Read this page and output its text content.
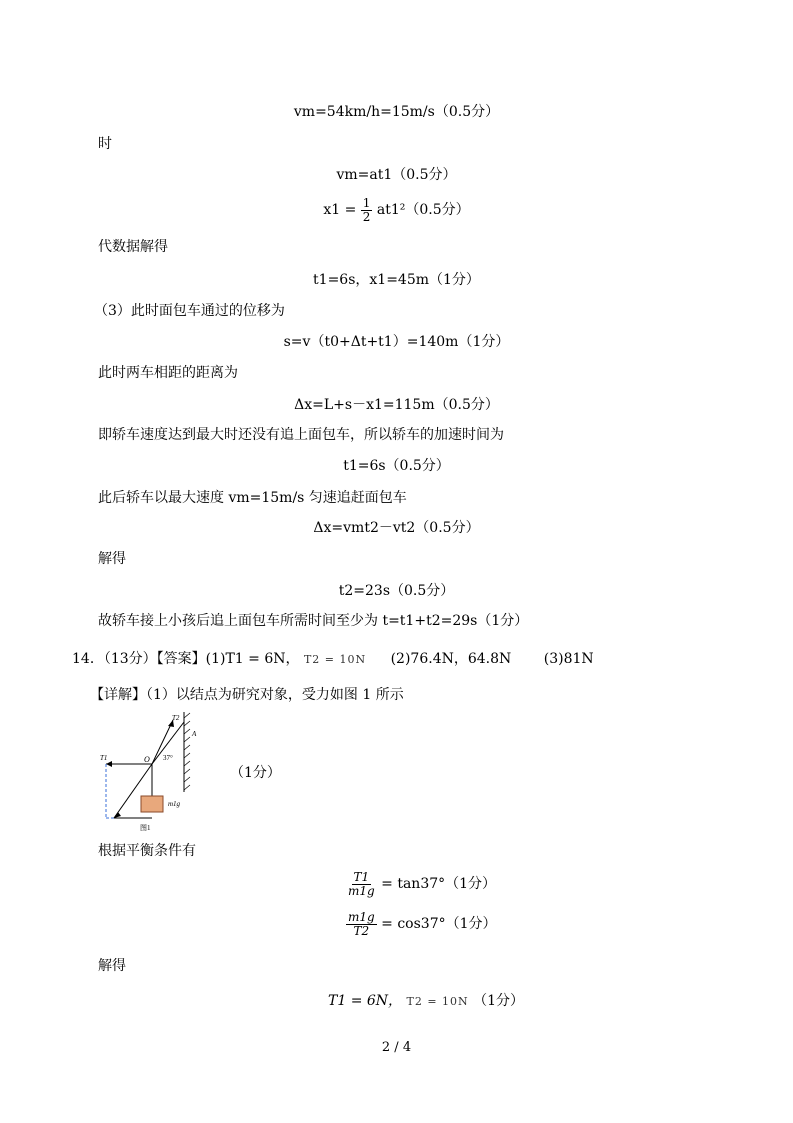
vm=54km/h=15m/s（0.5分）
时
vm=at1（0.5分）
$x1 = \frac{1}{2} at1^2(0.5$分）
代数据解得
t1=6s，x1=45m（1分）
（3）此时面包车通过的位移为
s=v（t0+Δt+t1）=140m（1分）
此时两车相距的距离为
Δx=L+s－x1=115m（0.5分）
即轿车速度达到最大时还没有追上面包车，所以轿车的加速时间为
t1=6s（0.5分）
此后轿车以最大速度 vm=15m/s 匀速追赶面包车
Δx=vmt2－vt2（0.5分）
解得
t2=23s（0.5分）
故轿车接上小孩后追上面包车所需时间至少为 t=t1+t2=29s（1分）
14．（13分）【答案】(1)T1 = 6N， T2 = 10N (2)76.4N，64.8N (3)81N
【详解】（1）以结点为研究对象，受力如图 1 所示
T2
A
O 37°
T1
m1g
图1
（1分）
根据平衡条件有
$\frac{T1}{m1g} = \tan 37^\circ(1$分）
$\frac{m1g}{T2} = \cos 37^\circ(1$分）
解得
T1 = 6N， T2 = 10N （1分）
2 / 4
